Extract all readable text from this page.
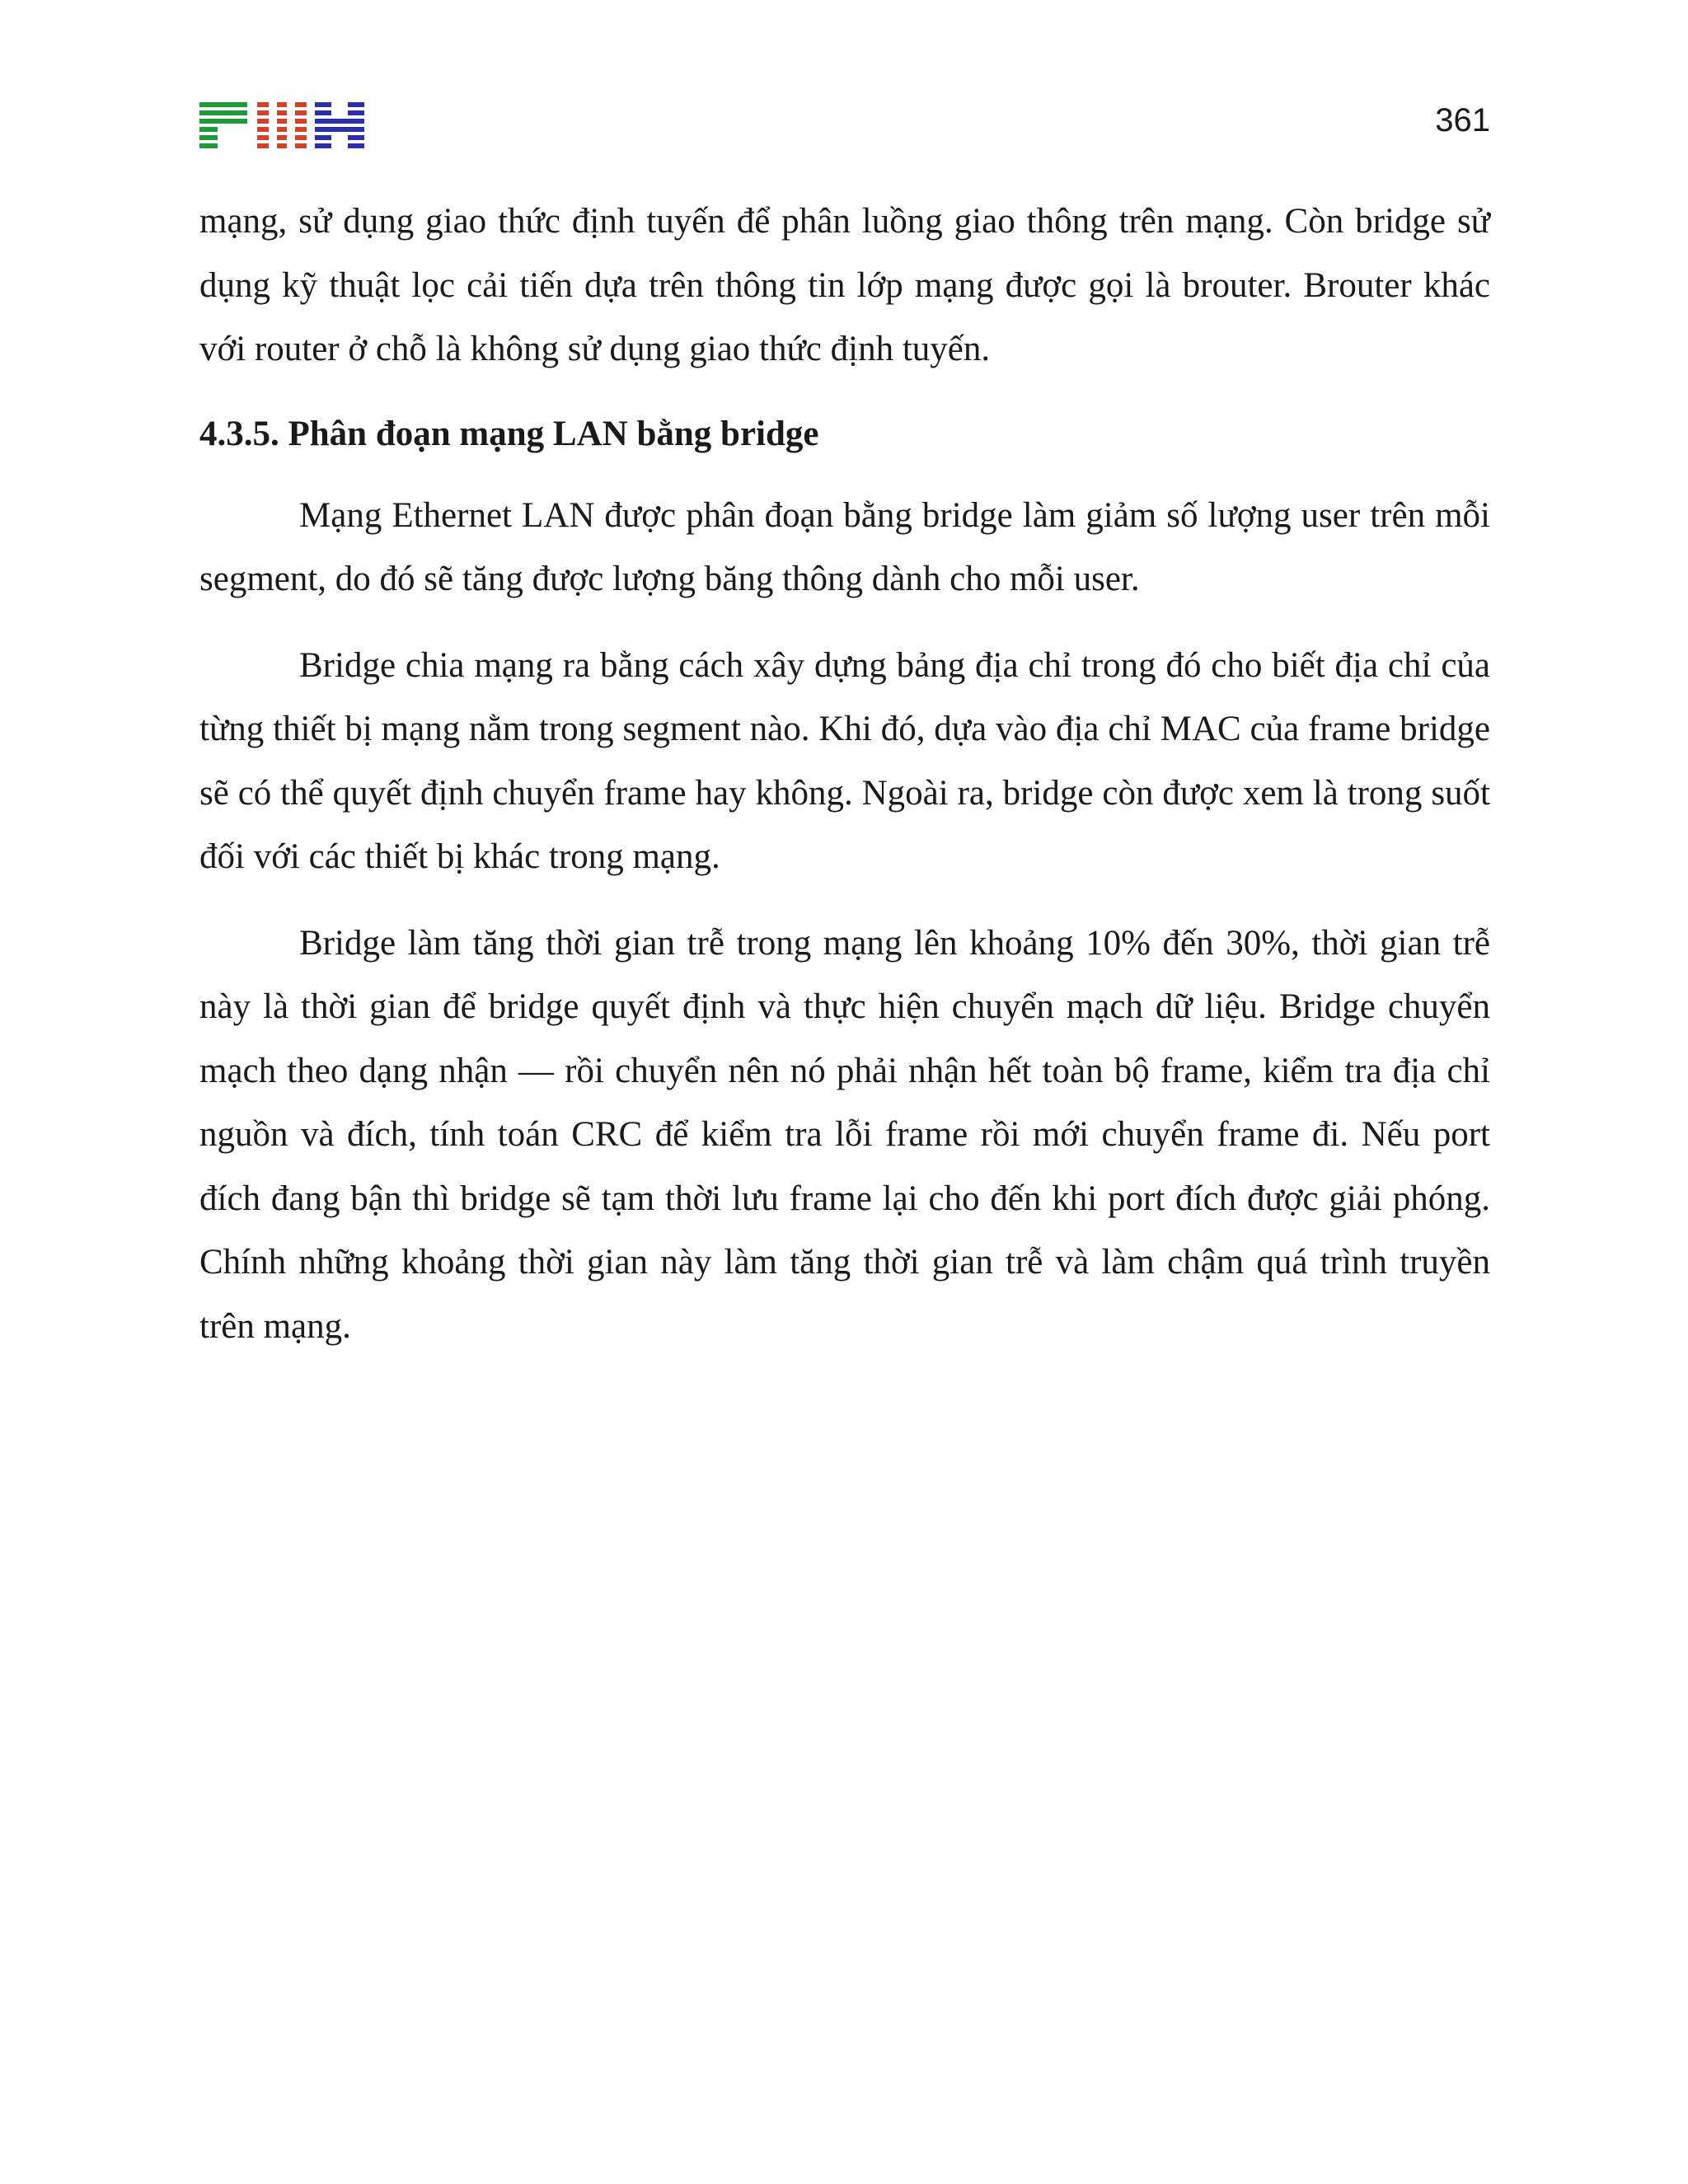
361

mạng, sử dụng giao thức định tuyến để phân luồng giao thông trên mạng. Còn bridge sử dụng kỹ thuật lọc cải tiến dựa trên thông tin lớp mạng được gọi là brouter. Brouter khác với router ở chỗ là không sử dụng giao thức định tuyến.

4.3.5. Phân đoạn mạng LAN bằng bridge

Mạng Ethernet LAN được phân đoạn bằng bridge làm giảm số lượng user trên mỗi segment, do đó sẽ tăng được lượng băng thông dành cho mỗi user.

Bridge chia mạng ra bằng cách xây dựng bảng địa chỉ trong đó cho biết địa chỉ của từng thiết bị mạng nằm trong segment nào. Khi đó, dựa vào địa chỉ MAC của frame bridge sẽ có thể quyết định chuyển frame hay không. Ngoài ra, bridge còn được xem là trong suốt đối với các thiết bị khác trong mạng.

Bridge làm tăng thời gian trễ trong mạng lên khoảng 10% đến 30%, thời gian trễ này là thời gian để bridge quyết định và thực hiện chuyển mạch dữ liệu. Bridge chuyển mạch theo dạng nhận — rồi chuyển nên nó phải nhận hết toàn bộ frame, kiểm tra địa chỉ nguồn và đích, tính toán CRC để kiểm tra lỗi frame rồi mới chuyển frame đi. Nếu port đích đang bận thì bridge sẽ tạm thời lưu frame lại cho đến khi port đích được giải phóng. Chính những khoảng thời gian này làm tăng thời gian trễ và làm chậm quá trình truyền trên mạng.
